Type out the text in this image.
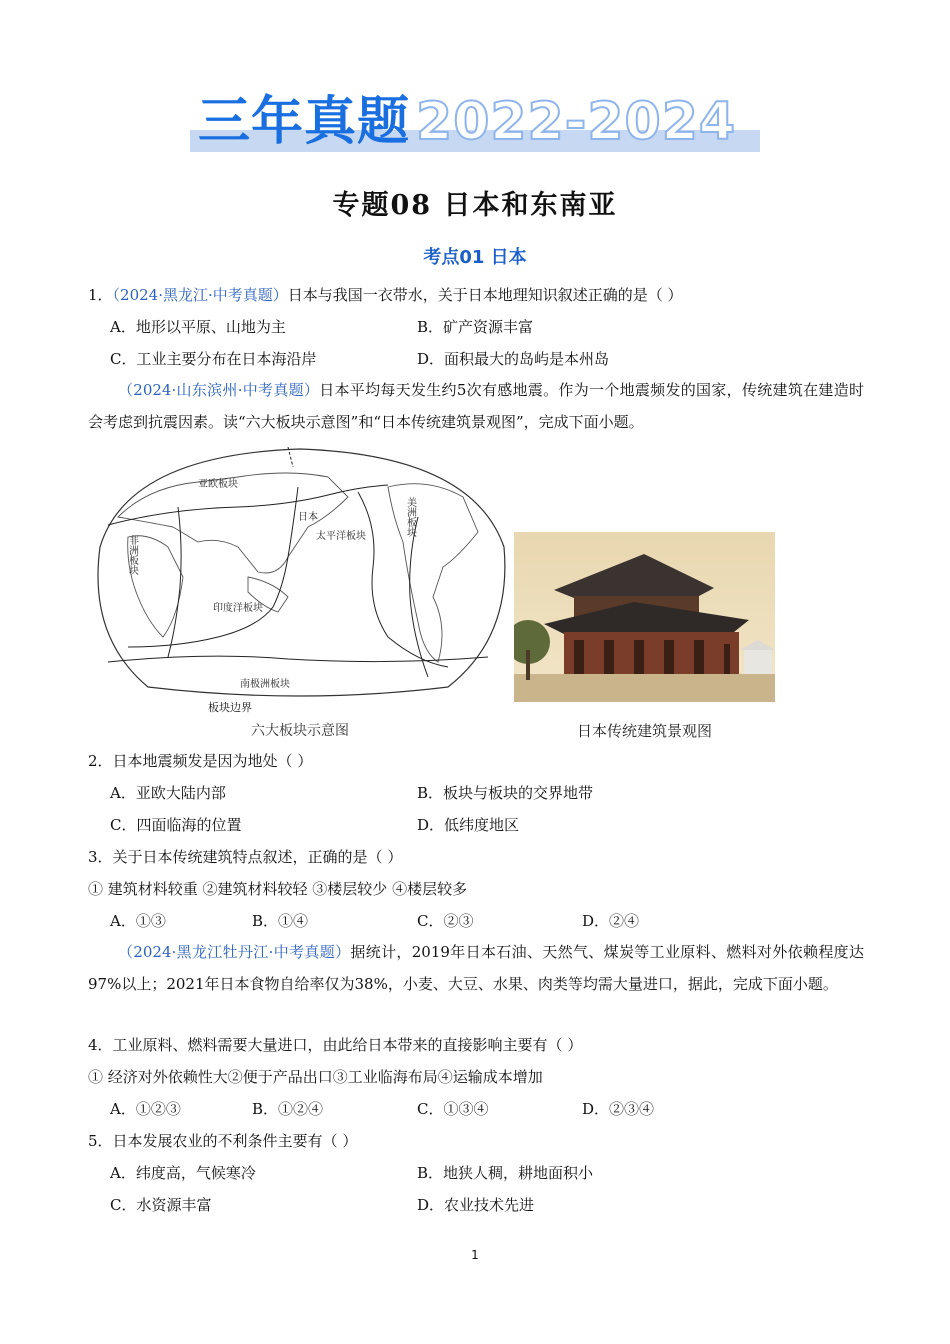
三年真题 2022-2024
专题08 日本和东南亚
考点01 日本
1．（2024·黑龙江·中考真题）日本与我国一衣带水，关于日本地理知识叙述正确的是（ ）
A．地形以平原、山地为主	B．矿产资源丰富
C．工业主要分布在日本海沿岸	D．面积最大的岛屿是本州岛
（2024·山东滨州·中考真题）日本平均每天发生约5次有感地震。作为一个地震频发的国家，传统建筑在建造时会考虑到抗震因素。读“六大板块示意图”和“日本传统建筑景观图”，完成下面小题。
亚欧板块
非洲板块
日本
太平洋板块	美洲板块
印度洋板块
南极洲板块
板块边界
六大板块示意图	日本传统建筑景观图
2．日本地震频发是因为地处（ ）
A．亚欧大陆内部	B．板块与板块的交界地带
C．四面临海的位置	D．低纬度地区
3．关于日本传统建筑特点叙述，正确的是（ ）
① 建筑材料较重 ②建筑材料较轻 ③楼层较少 ④楼层较多
A．①③	B．①④	C．②③	D．②④
（2024·黑龙江牡丹江·中考真题）据统计，2019年日本石油、天然气、煤炭等工业原料、燃料对外依赖程度达97%以上；2021年日本食物自给率仅为38%，小麦、大豆、水果、肉类等均需大量进口，据此，完成下面小题。
4．工业原料、燃料需要大量进口，由此给日本带来的直接影响主要有（ ）
① 经济对外依赖性大②便于产品出口③工业临海布局④运输成本增加
A．①②③	B．①②④	C．①③④	D．②③④
5．日本发展农业的不利条件主要有（ ）
A．纬度高，气候寒冷	B．地狭人稠，耕地面积小
C．水资源丰富	D．农业技术先进
1
